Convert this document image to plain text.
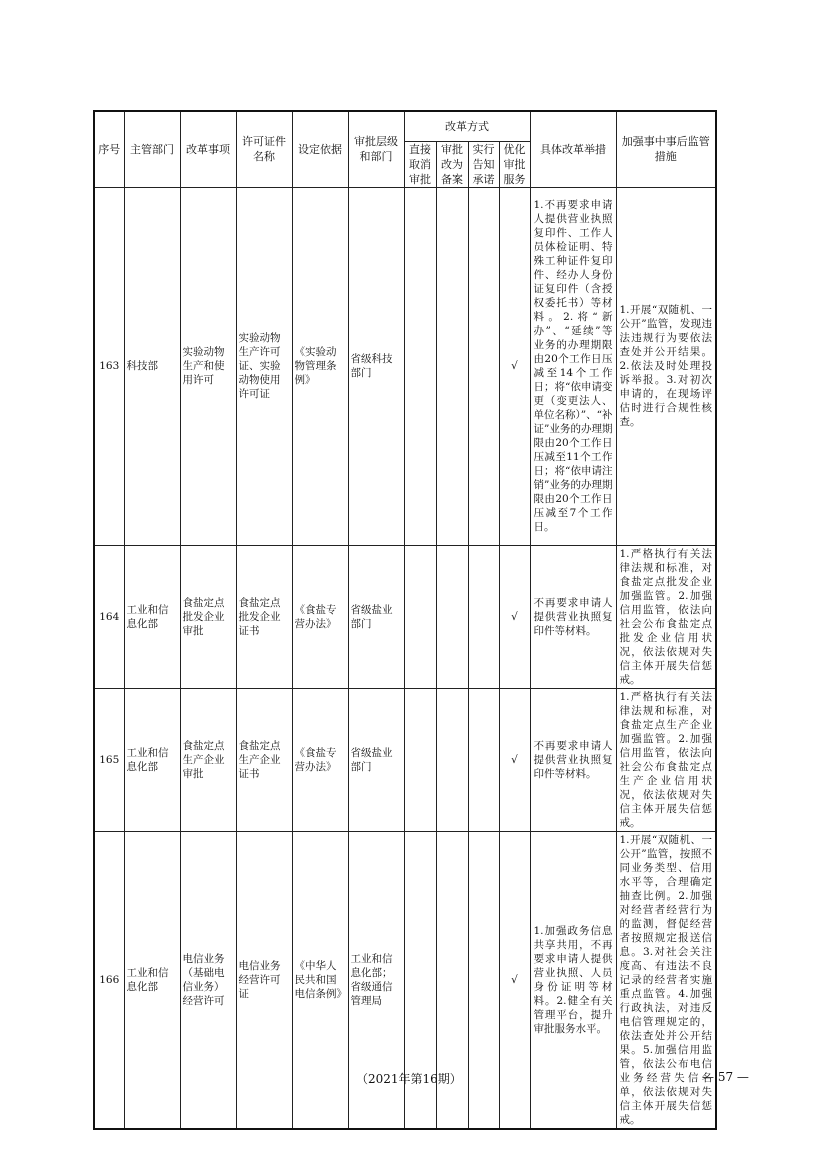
序号	主管部门	改革事项	许可证件名称	设定依据	审批层级和部门	改革方式				具体改革举措	加强事中事后监管措施
						直接取消审批	审批改为备案	实行告知承诺	优化审批服务		
163	科技部	实验动物生产和使用许可	实验动物生产许可证、实验动物使用许可证	《实验动物管理条例》	省级科技部门				√	1.不再要求申请人提供营业执照复印件、工作人员体检证明、特殊工种证件复印件、经办人身份证复印件（含授权委托书）等材料。2.将“新办”、“延续”等业务的办理期限由20个工作日压减至14个工作日；将“依申请变更（变更法人、单位名称）”、“补证”业务的办理期限由20个工作日压减至11个工作日；将“依申请注销”业务的办理期限由20个工作日压减至7个工作日。	1.开展“双随机、一公开”监管，发现违法违规行为要依法查处并公开结果。2.依法及时处理投诉举报。3.对初次申请的，在现场评估时进行合规性核查。
164	工业和信息化部	食盐定点批发企业审批	食盐定点批发企业证书	《食盐专营办法》	省级盐业部门				√	不再要求申请人提供营业执照复印件等材料。	1.严格执行有关法律法规和标准，对食盐定点批发企业加强监管。2.加强信用监管，依法向社会公布食盐定点批发企业信用状况，依法依规对失信主体开展失信惩戒。
165	工业和信息化部	食盐定点生产企业审批	食盐定点生产企业证书	《食盐专营办法》	省级盐业部门				√	不再要求申请人提供营业执照复印件等材料。	1.严格执行有关法律法规和标准，对食盐定点生产企业加强监管。2.加强信用监管，依法向社会公布食盐定点生产企业信用状况，依法依规对失信主体开展失信惩戒。
166	工业和信息化部	电信业务（基础电信业务）经营许可	电信业务经营许可证	《中华人民共和国电信条例》	工业和信息化部；省级通信管理局				√	1.加强政务信息共享共用，不再要求申请人提供营业执照、人员身份证明等材料。2.健全有关管理平台，提升审批服务水平。	1.开展“双随机、一公开”监管，按照不同业务类型、信用水平等，合理确定抽查比例。2.加强对经营者经营行为的监测，督促经营者按照规定报送信息。3.对社会关注度高、有违法不良记录的经营者实施重点监管。4.加强行政执法，对违反电信管理规定的，依法查处并公开结果。5.加强信用监管，依法公布电信业务经营失信名单，依法依规对失信主体开展失信惩戒。
（2021年第16期）	— 57 —
